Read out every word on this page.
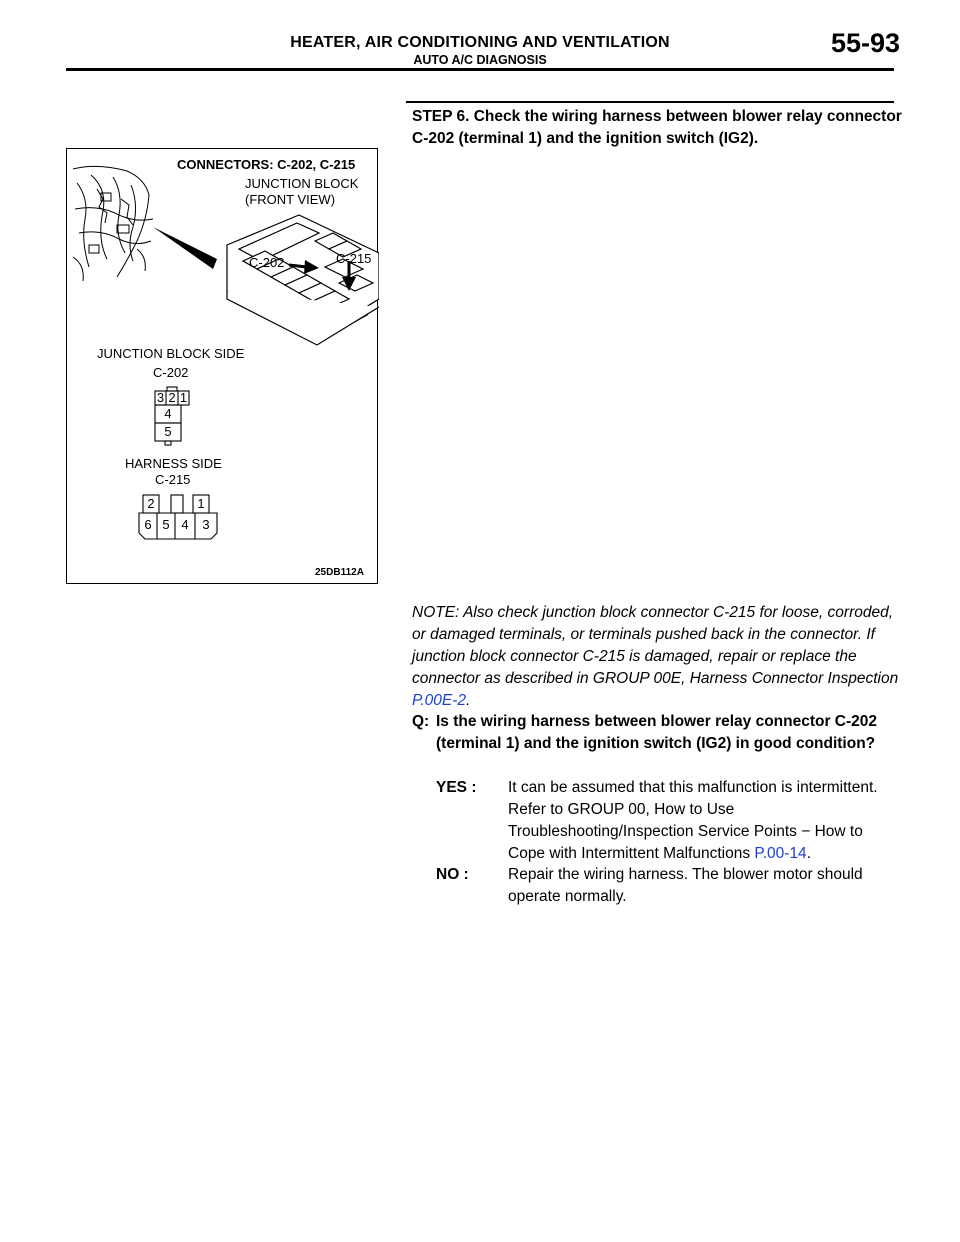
HEATER, AIR CONDITIONING AND VENTILATION
AUTO A/C DIAGNOSIS
55-93
STEP 6. Check the wiring harness between blower relay connector C-202 (terminal 1) and the ignition switch (IG2).
CONNECTORS: C-202, C-215
JUNCTION BLOCK
(FRONT VIEW)
C-202	C-215
JUNCTION BLOCK SIDE
C-202
3 2 1
4
5
HARNESS SIDE
C-215
2	1
6 5 4	3
25DB112A
NOTE: Also check junction block connector C-215 for loose, corroded, or damaged terminals, or terminals pushed back in the connector. If junction block connector C-215 is damaged, repair or replace the connector as described in GROUP 00E, Harness Connector Inspection P.00E-2.
Q: Is the wiring harness between blower relay connector C-202 (terminal 1) and the ignition switch (IG2) in good condition?
YES : It can be assumed that this malfunction is intermittent. Refer to GROUP 00, How to Use Troubleshooting/Inspection Service Points − How to Cope with Intermittent Malfunctions P.00-14.
NO :	Repair the wiring harness. The blower motor should operate normally.
